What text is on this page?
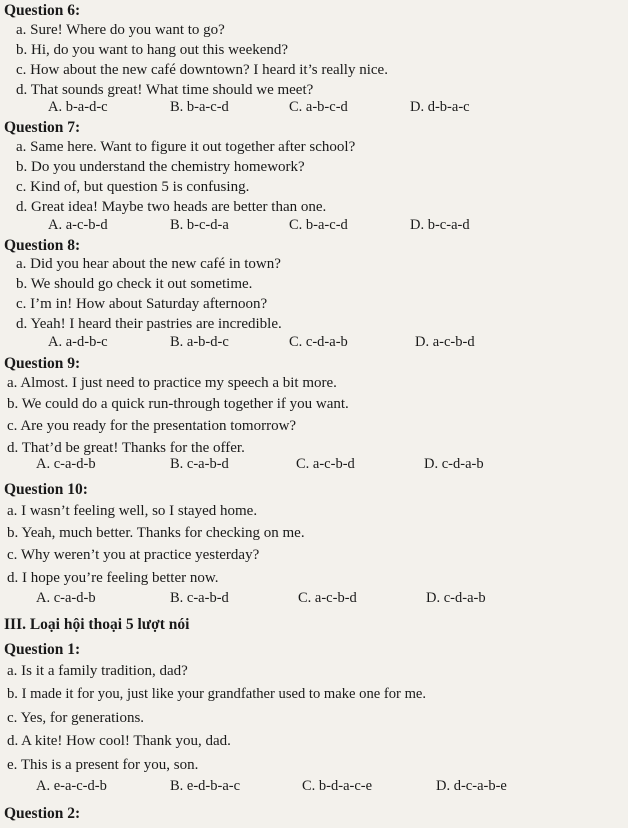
Question 6:
a. Sure! Where do you want to go?
b. Hi, do you want to hang out this weekend?
c. How about the new café downtown? I heard it’s really nice.
d. That sounds great! What time should we meet?
A. b-a-d-c	B. b-a-c-d	C. a-b-c-d	D. d-b-a-c
Question 7:
a. Same here. Want to figure it out together after school?
b. Do you understand the chemistry homework?
c. Kind of, but question 5 is confusing.
d. Great idea! Maybe two heads are better than one.
A. a-c-b-d	B. b-c-d-a	C. b-a-c-d	D. b-c-a-d
Question 8:
a. Did you hear about the new café in town?
b. We should go check it out sometime.
c. I’m in! How about Saturday afternoon?
d. Yeah! I heard their pastries are incredible.
A. a-d-b-c	B. a-b-d-c	C. c-d-a-b	D. a-c-b-d
Question 9:
a. Almost. I just need to practice my speech a bit more.
b. We could do a quick run-through together if you want.
c. Are you ready for the presentation tomorrow?
d. That’d be great! Thanks for the offer.
A. c-a-d-b	B. c-a-b-d	C. a-c-b-d	D. c-d-a-b
Question 10:
a. I wasn’t feeling well, so I stayed home.
b. Yeah, much better. Thanks for checking on me.
c. Why weren’t you at practice yesterday?
d. I hope you’re feeling better now.
A. c-a-d-b	B. c-a-b-d	C. a-c-b-d	D. c-d-a-b
III. Loại hội thoại 5 lượt nói
Question 1:
a. Is it a family tradition, dad?
b. I made it for you, just like your grandfather used to make one for me.
c. Yes, for generations.
d. A kite! How cool! Thank you, dad.
e. This is a present for you, son.
A. e-a-c-d-b	B. e-d-b-a-c	C. b-d-a-c-e	D. d-c-a-b-e
Question 2:
